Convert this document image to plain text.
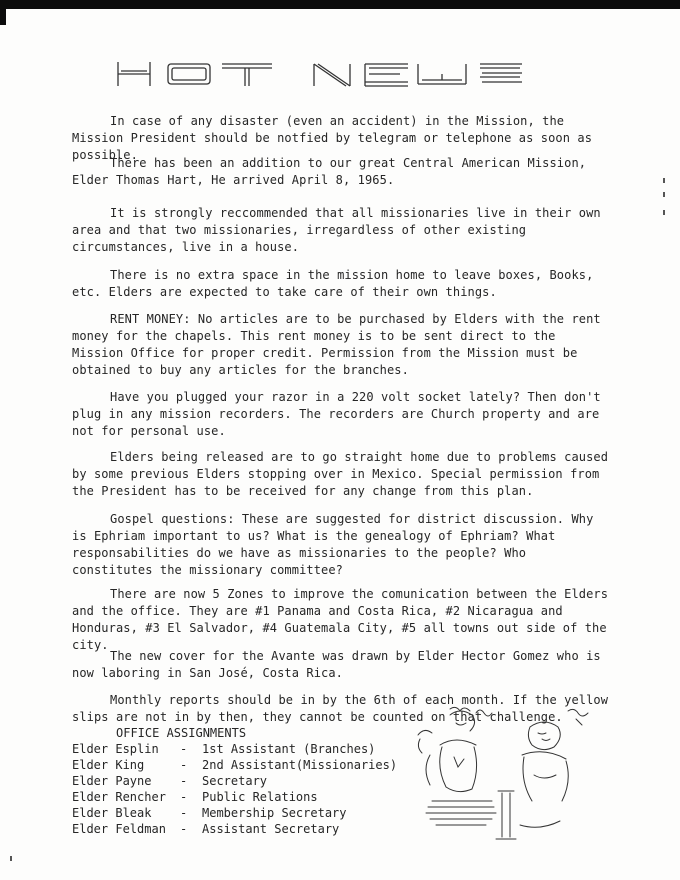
In case of any disaster (even an accident) in the Mission, the Mission President should be notfied by telegram or telephone as soon as possible.

There has been an addition to our great Central American Mission, Elder Thomas Hart, He arrived April 8, 1965.

It is strongly reccommended that all missionaries live in their own area and that two missionaries, irregardless of other existing circumstances, live in a house.

There is no extra space in the mission home to leave boxes, Books, etc. Elders are expected to take care of their own things.

RENT MONEY: No articles are to be purchased by Elders with the rent money for the chapels. This rent money is to be sent direct to the Mission Office for proper credit. Permission from the Mission must be obtained to buy any articles for the branches.

Have you plugged your razor in a 220 volt socket lately? Then don't plug in any mission recorders. The recorders are Church property and are not for personal use.

Elders being released are to go straight home due to problems caused by some previous Elders stopping over in Mexico. Special permission from the President has to be received for any change from this plan.

Gospel questions: These are suggested for district discussion. Why is Ephriam important to us? What is the genealogy of Ephriam? What responsabilities do we have as missionaries to the people? Who constitutes the missionary committee?

There are now 5 Zones to improve the comunication between the Elders and the office. They are #1 Panama and Costa Rica, #2 Nicaragua and Honduras, #3 El Salvador, #4 Guatemala City, #5 all towns out side of the city.

The new cover for the Avante was drawn by Elder Hector Gomez who is now laboring in San José, Costa Rica.

Monthly reports should be in by the 6th of each month. If the yellow slips are not in by then, they cannot be counted on that challenge.

OFFICE ASSIGNMENTS
Elder Esplin	-	1st Assistant (Branches)
Elder King	-	2nd Assistant(Missionaries)
Elder Payne	-	Secretary
Elder Rencher	-	Public Relations
Elder Bleak	-	Membership Secretary
Elder Feldman	-	Assistant Secretary
